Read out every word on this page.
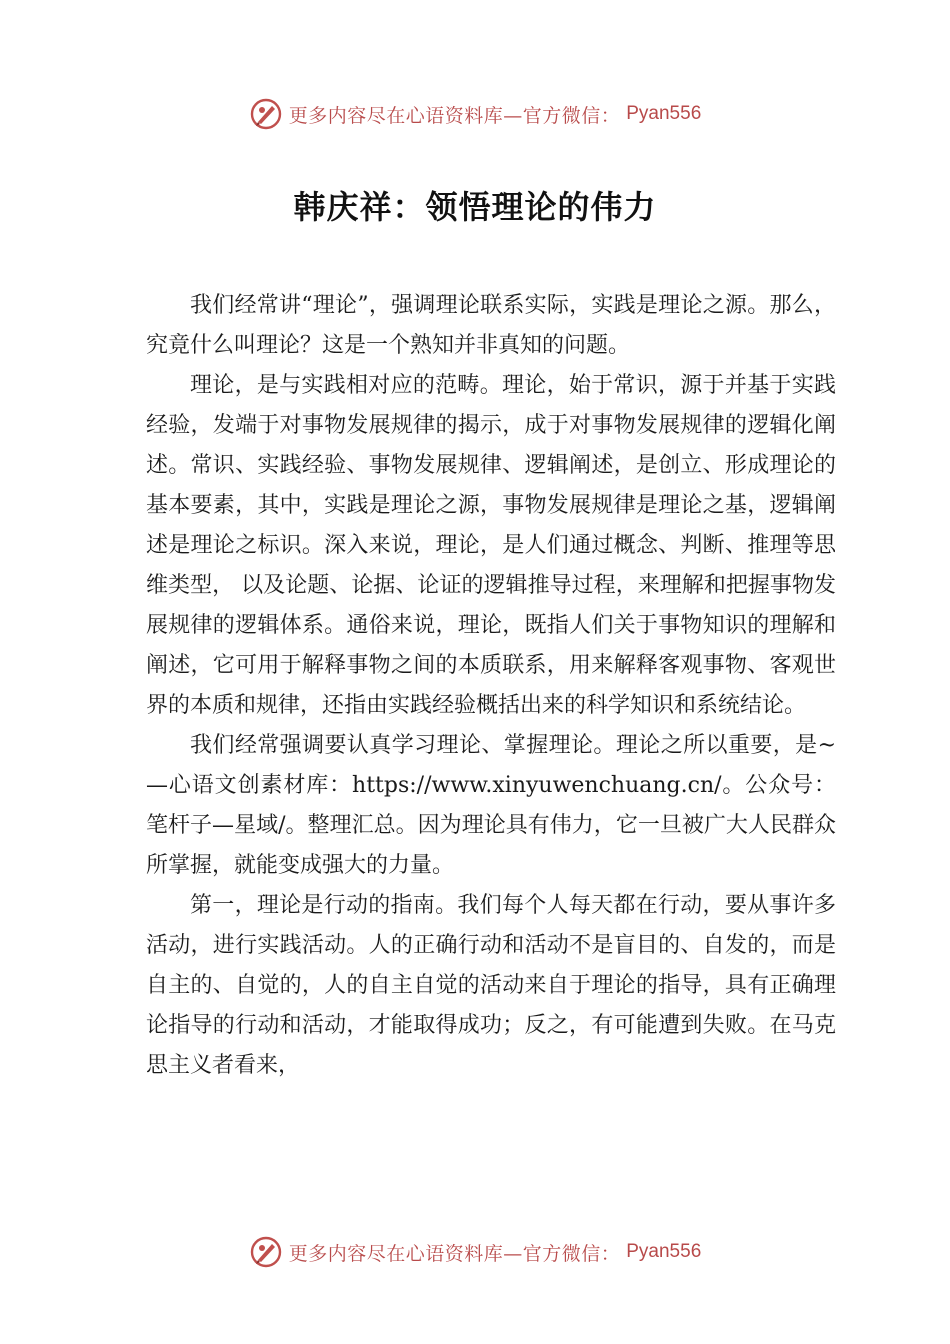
更多内容尽在心语资料库—官方微信： Pyan556
韩庆祥：领悟理论的伟力

我们经常讲“理论”，强调理论联系实际，实践是理论之源。那么，究竟什么叫理论？这是一个熟知并非真知的问题。

理论，是与实践相对应的范畴。理论，始于常识，源于并基于实践经验，发端于对事物发展规律的揭示，成于对事物发展规律的逻辑化阐述。常识、实践经验、事物发展规律、逻辑阐述，是创立、形成理论的基本要素，其中，实践是理论之源，事物发展规律是理论之基，逻辑阐述是理论之标识。深入来说，理论，是人们通过概念、判断、推理等思维类型， 以及论题、论据、论证的逻辑推导过程，来理解和把握事物发展规律的逻辑体系。通俗来说，理论，既指人们关于事物知识的理解和阐述，它可用于解释事物之间的本质联系，用来解释客观事物、客观世界的本质和规律，还指由实践经验概括出来的科学知识和系统结论。

我们经常强调要认真学习理论、掌握理论。理论之所以重要，是~—心语文创素材库：https://www.xinyuwenchuang.cn/。公众号：笔杆子—星域/。整理汇总。因为理论具有伟力，它一旦被广大人民群众所掌握，就能变成强大的力量。

第一，理论是行动的指南。我们每个人每天都在行动，要从事许多活动，进行实践活动。人的正确行动和活动不是盲目的、自发的，而是自主的、自觉的，人的自主自觉的活动来自于理论的指导，具有正确理论指导的行动和活动，才能取得成功；反之，有可能遭到失败。在马克思主义者看来，

更多内容尽在心语资料库—官方微信： Pyan556
